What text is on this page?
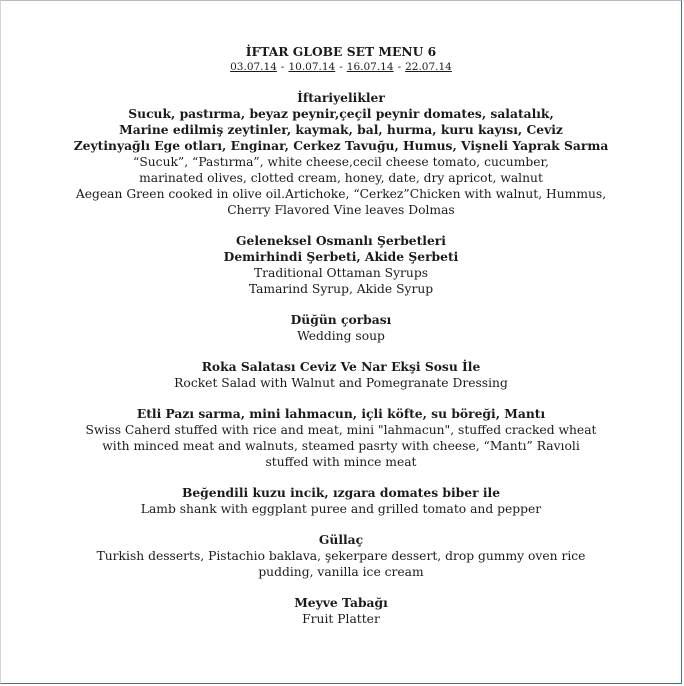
İFTAR GLOBE SET MENU 6
03.07.14 - 10.07.14 - 16.07.14 - 22.07.14
İftariyelikler
Sucuk, pastırma, beyaz peynir,çeçil peynir domates, salatalık,
Marine edilmiş zeytinler, kaymak, bal, hurma, kuru kayısı, Ceviz
Zeytinyağlı Ege otları, Enginar, Cerkez Tavuğu, Humus, Vişneli Yaprak Sarma
“Sucuk”, “Pastırma”, white cheese,cecil cheese tomato, cucumber,
marinated olives, clotted cream, honey, date, dry apricot, walnut
Aegean Green cooked in olive oil.Artichoke, “Cerkez”Chicken with walnut, Hummus,
Cherry Flavored Vine leaves Dolmas
Geleneksel Osmanlı Şerbetleri
Demirhindi Şerbeti, Akide Şerbeti
Traditional Ottaman Syrups
Tamarind Syrup, Akide Syrup
Düğün çorbası
Wedding soup
Roka Salatası Ceviz Ve Nar Ekşi Sosu İle
Rocket Salad with Walnut and Pomegranate Dressing
Etli Pazı sarma, mini lahmacun, içli köfte, su böreği, Mantı
Swiss Caherd stuffed with rice and meat, mini "lahmacun", stuffed cracked wheat with minced meat and walnuts, steamed pasrty with cheese, “Mantı” Ravıoli stuffed with mince meat
Beğendili kuzu incik, ızgara domates biber ile
Lamb shank with eggplant puree and grilled tomato and pepper
Güllaç
Turkish desserts, Pistachio baklava, şekerpare dessert, drop gummy oven rice pudding, vanilla ice cream
Meyve Tabağı
Fruit Platter
